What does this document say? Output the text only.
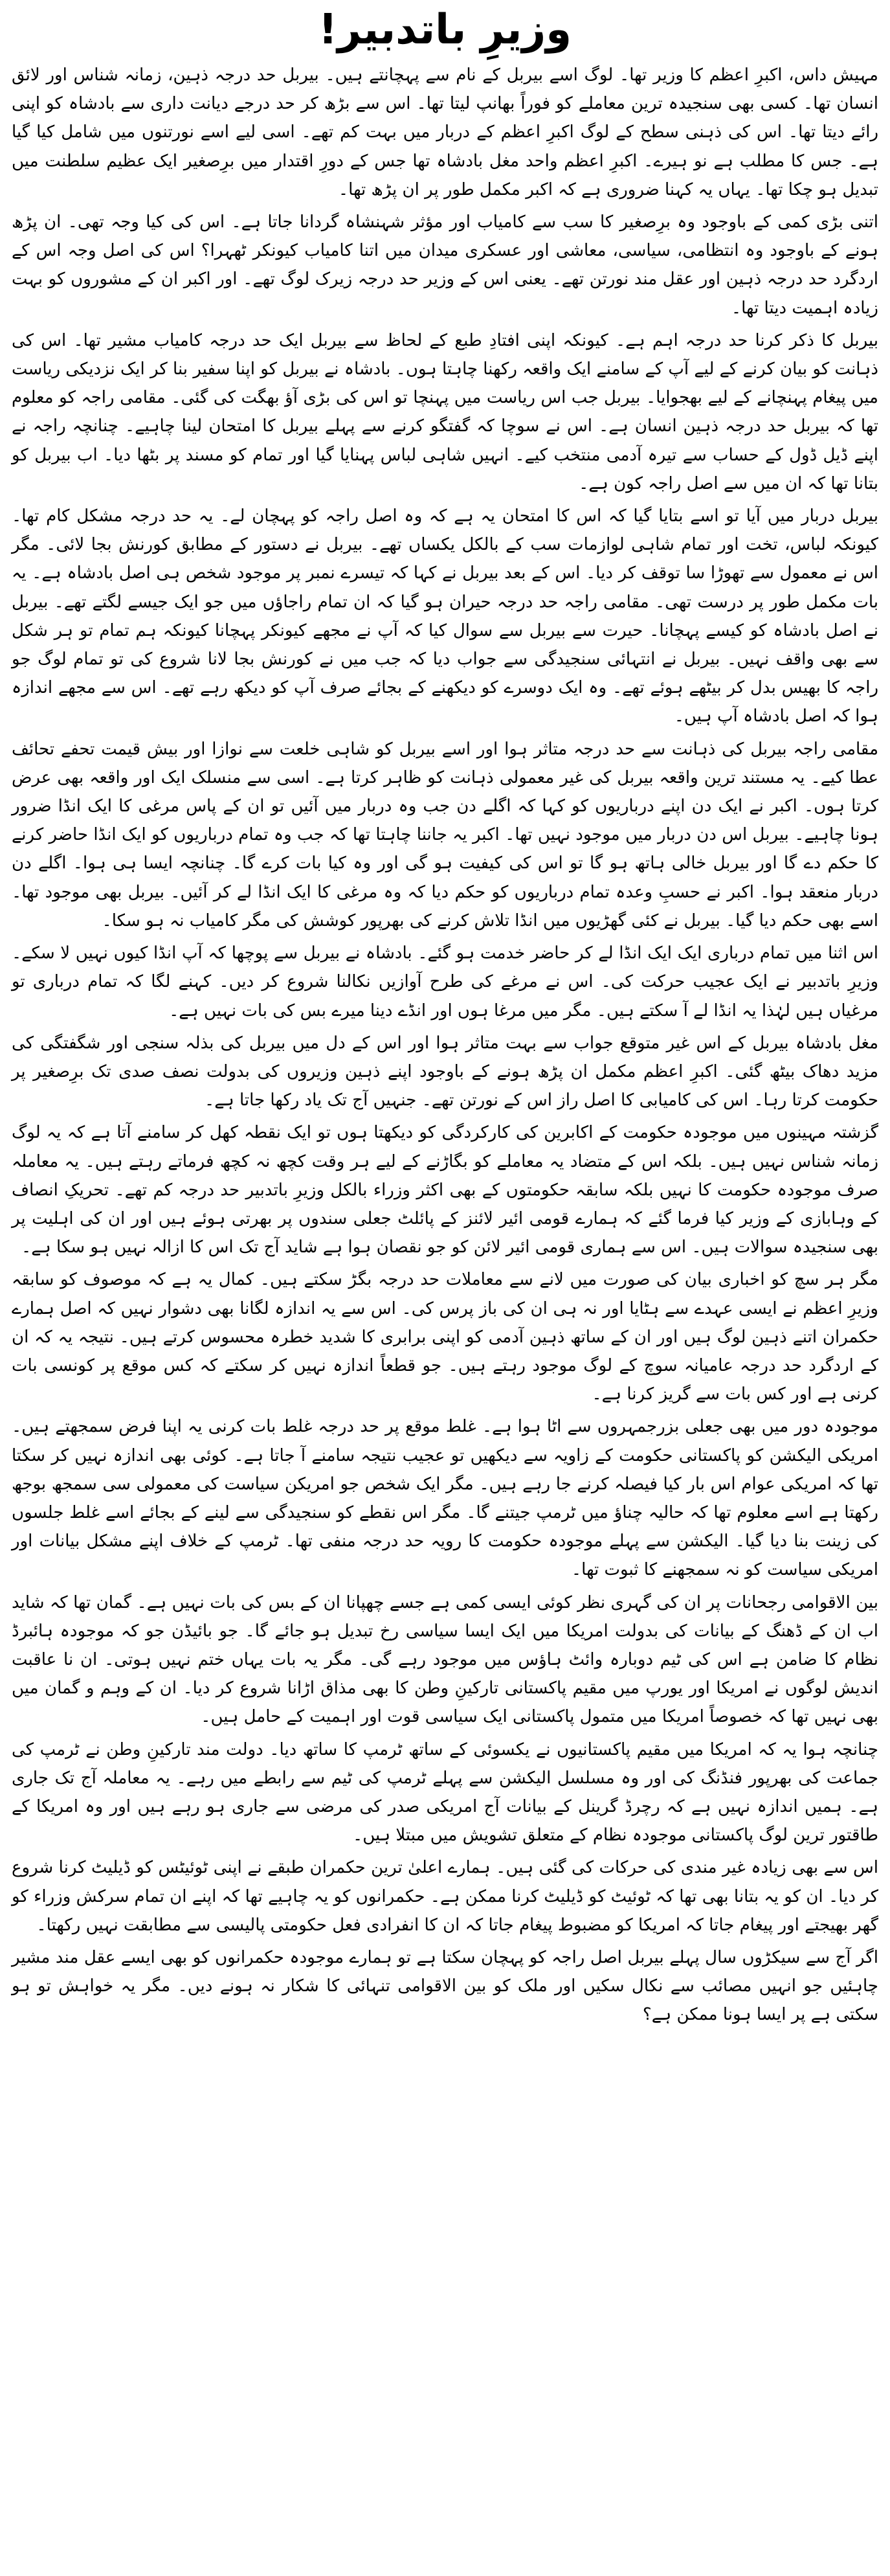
وزیرِ باتدبیر!

مہیش داس، اکبرِ اعظم کا وزیر تھا۔ لوگ اسے بیربل کے نام سے پہچانتے ہیں۔ بیربل حد درجہ ذہین، زمانہ شناس اور لائق انسان تھا۔ کسی بھی سنجیدہ ترین معاملے کو فوراً بھانپ لیتا تھا۔ اس سے بڑھ کر حد درجے دیانت داری سے بادشاہ کو اپنی رائے دیتا تھا۔ اس کی ذہنی سطح کے لوگ اکبرِ اعظم کے دربار میں بہت کم تھے۔ اسی لیے اسے نورتنوں میں شامل کیا گیا ہے۔ جس کا مطلب ہے نو ہیرے۔ اکبرِ اعظم واحد مغل بادشاہ تھا جس کے دورِ اقتدار میں برِصغیر ایک عظیم سلطنت میں تبدیل ہو چکا تھا۔ یہاں یہ کہنا ضروری ہے کہ اکبر مکمل طور پر ان پڑھ تھا۔

اتنی بڑی کمی کے باوجود وہ برِصغیر کا سب سے کامیاب اور مؤثر شہنشاہ گردانا جاتا ہے۔ اس کی کیا وجہ تھی۔ ان پڑھ ہونے کے باوجود وہ انتظامی، سیاسی، معاشی اور عسکری میدان میں اتنا کامیاب کیونکر ٹھہرا؟ اس کی اصل وجہ اس کے اردگرد حد درجہ ذہین اور عقل مند نورتن تھے۔ یعنی اس کے وزیر حد درجہ زیرک لوگ تھے۔ اور اکبر ان کے مشوروں کو بہت زیادہ اہمیت دیتا تھا۔

بیربل کا ذکر کرنا حد درجہ اہم ہے۔ کیونکہ اپنی افتادِ طبع کے لحاظ سے بیربل ایک حد درجہ کامیاب مشیر تھا۔ اس کی ذہانت کو بیان کرنے کے لیے آپ کے سامنے ایک واقعہ رکھنا چاہتا ہوں۔ بادشاہ نے بیربل کو اپنا سفیر بنا کر ایک نزدیکی ریاست میں پیغام پہنچانے کے لیے بھجوایا۔ بیربل جب اس ریاست میں پہنچا تو اس کی بڑی آؤ بھگت کی گئی۔ مقامی راجہ کو معلوم تھا کہ بیربل حد درجہ ذہین انسان ہے۔ اس نے سوچا کہ گفتگو کرنے سے پہلے بیربل کا امتحان لینا چاہیے۔ چنانچہ راجہ نے اپنے ڈیل ڈول کے حساب سے تیرہ آدمی منتخب کیے۔ انہیں شاہی لباس پہنایا گیا اور تمام کو مسند پر بٹھا دیا۔ اب بیربل کو بتانا تھا کہ ان میں سے اصل راجہ کون ہے۔

بیربل دربار میں آیا تو اسے بتایا گیا کہ اس کا امتحان یہ ہے کہ وہ اصل راجہ کو پہچان لے۔ یہ حد درجہ مشکل کام تھا۔ کیونکہ لباس، تخت اور تمام شاہی لوازمات سب کے بالکل یکساں تھے۔ بیربل نے دستور کے مطابق کورنش بجا لائی۔ مگر اس نے معمول سے تھوڑا سا توقف کر دیا۔ اس کے بعد بیربل نے کہا کہ تیسرے نمبر پر موجود شخص ہی اصل بادشاہ ہے۔ یہ بات مکمل طور پر درست تھی۔ مقامی راجہ حد درجہ حیران ہو گیا کہ ان تمام راجاؤں میں جو ایک جیسے لگتے تھے۔ بیربل نے اصل بادشاہ کو کیسے پہچانا۔ حیرت سے بیربل سے سوال کیا کہ آپ نے مجھے کیونکر پہچانا کیونکہ ہم تمام تو ہر شکل سے بھی واقف نہیں۔ بیربل نے انتہائی سنجیدگی سے جواب دیا کہ جب میں نے کورنش بجا لانا شروع کی تو تمام لوگ جو راجہ کا بھیس بدل کر بیٹھے ہوئے تھے۔ وہ ایک دوسرے کو دیکھنے کے بجائے صرف آپ کو دیکھ رہے تھے۔ اس سے مجھے اندازہ ہوا کہ اصل بادشاہ آپ ہیں۔

مقامی راجہ بیربل کی ذہانت سے حد درجہ متاثر ہوا اور اسے بیربل کو شاہی خلعت سے نوازا اور بیش قیمت تحفے تحائف عطا کیے۔ یہ مستند ترین واقعہ بیربل کی غیر معمولی ذہانت کو ظاہر کرتا ہے۔ اسی سے منسلک ایک اور واقعہ بھی عرض کرتا ہوں۔ اکبر نے ایک دن اپنے درباریوں کو کہا کہ اگلے دن جب وہ دربار میں آئیں تو ان کے پاس مرغی کا ایک انڈا ضرور ہونا چاہیے۔ بیربل اس دن دربار میں موجود نہیں تھا۔ اکبر یہ جاننا چاہتا تھا کہ جب وہ تمام درباریوں کو ایک انڈا حاضر کرنے کا حکم دے گا اور بیربل خالی ہاتھ ہو گا تو اس کی کیفیت ہو گی اور وہ کیا بات کرے گا۔ چنانچہ ایسا ہی ہوا۔ اگلے دن دربار منعقد ہوا۔ اکبر نے حسبِ وعدہ تمام درباریوں کو حکم دیا کہ وہ مرغی کا ایک انڈا لے کر آئیں۔ بیربل بھی موجود تھا۔ اسے بھی حکم دیا گیا۔ بیربل نے کئی گھڑیوں میں انڈا تلاش کرنے کی بھرپور کوشش کی مگر کامیاب نہ ہو سکا۔

اس اثنا میں تمام درباری ایک ایک انڈا لے کر حاضر خدمت ہو گئے۔ بادشاہ نے بیربل سے پوچھا کہ آپ انڈا کیوں نہیں لا سکے۔ وزیرِ باتدبیر نے ایک عجیب حرکت کی۔ اس نے مرغے کی طرح آوازیں نکالنا شروع کر دیں۔ کہنے لگا کہ تمام درباری تو مرغیاں ہیں لہٰذا یہ انڈا لے آ سکتے ہیں۔ مگر میں مرغا ہوں اور انڈے دینا میرے بس کی بات نہیں ہے۔

مغل بادشاہ بیربل کے اس غیر متوقع جواب سے بہت متاثر ہوا اور اس کے دل میں بیربل کی بذلہ سنجی اور شگفتگی کی مزید دھاک بیٹھ گئی۔ اکبرِ اعظم مکمل ان پڑھ ہونے کے باوجود اپنے ذہین وزیروں کی بدولت نصف صدی تک برِصغیر پر حکومت کرتا رہا۔ اس کی کامیابی کا اصل راز اس کے نورتن تھے۔ جنہیں آج تک یاد رکھا جاتا ہے۔

گزشتہ مہینوں میں موجودہ حکومت کے اکابرین کی کارکردگی کو دیکھتا ہوں تو ایک نقطہ کھل کر سامنے آتا ہے کہ یہ لوگ زمانہ شناس نہیں ہیں۔ بلکہ اس کے متضاد یہ معاملے کو بگاڑنے کے لیے ہر وقت کچھ نہ کچھ فرماتے رہتے ہیں۔ یہ معاملہ صرف موجودہ حکومت کا نہیں بلکہ سابقہ حکومتوں کے بھی اکثر وزراء بالکل وزیرِ باتدبیر حد درجہ کم تھے۔ تحریکِ انصاف کے وہابازی کے وزیر کیا فرما گئے کہ ہمارے قومی ائیر لائنز کے پائلٹ جعلی سندوں پر بھرتی ہوئے ہیں اور ان کی اہلیت پر بھی سنجیدہ سوالات ہیں۔ اس سے ہماری قومی ائیر لائن کو جو نقصان ہوا ہے شاید آج تک اس کا ازالہ نہیں ہو سکا ہے۔

مگر ہر سچ کو اخباری بیان کی صورت میں لانے سے معاملات حد درجہ بگڑ سکتے ہیں۔ کمال یہ ہے کہ موصوف کو سابقہ وزیرِ اعظم نے ایسی عہدے سے ہٹایا اور نہ ہی ان کی باز پرس کی۔ اس سے یہ اندازہ لگانا بھی دشوار نہیں کہ اصل ہمارے حکمران اتنے ذہین لوگ ہیں اور ان کے ساتھ ذہین آدمی کو اپنی برابری کا شدید خطرہ محسوس کرتے ہیں۔ نتیجہ یہ کہ ان کے اردگرد حد درجہ عامیانہ سوچ کے لوگ موجود رہتے ہیں۔ جو قطعاً اندازہ نہیں کر سکتے کہ کس موقع پر کونسی بات کرنی ہے اور کس بات سے گریز کرنا ہے۔

موجودہ دور میں بھی جعلی بزرجمہروں سے اٹا ہوا ہے۔ غلط موقع پر حد درجہ غلط بات کرنی یہ اپنا فرض سمجھتے ہیں۔ امریکی الیکشن کو پاکستانی حکومت کے زاویہ سے دیکھیں تو عجیب نتیجہ سامنے آ جاتا ہے۔ کوئی بھی اندازہ نہیں کر سکتا تھا کہ امریکی عوام اس بار کیا فیصلہ کرنے جا رہے ہیں۔ مگر ایک شخص جو امریکن سیاست کی معمولی سی سمجھ بوجھ رکھتا ہے اسے معلوم تھا کہ حالیہ چناؤ میں ٹرمپ جیتنے گا۔ مگر اس نقطے کو سنجیدگی سے لینے کے بجائے اسے غلط جلسوں کی زینت بنا دیا گیا۔ الیکشن سے پہلے موجودہ حکومت کا رویہ حد درجہ منفی تھا۔ ٹرمپ کے خلاف اپنے مشکل بیانات اور امریکی سیاست کو نہ سمجھنے کا ثبوت تھا۔

بین الاقوامی رجحانات پر ان کی گہری نظر کوئی ایسی کمی ہے جسے چھپانا ان کے بس کی بات نہیں ہے۔ گمان تھا کہ شاید اب ان کے ڈھنگ کے بیانات کی بدولت امریکا میں ایک ایسا سیاسی رخ تبدیل ہو جائے گا۔ جو بائیڈن جو کہ موجودہ ہائبرڈ نظام کا ضامن ہے اس کی ٹیم دوبارہ وائٹ ہاؤس میں موجود رہے گی۔ مگر یہ بات یہاں ختم نہیں ہوتی۔ ان نا عاقبت اندیش لوگوں نے امریکا اور یورپ میں مقیم پاکستانی تارکینِ وطن کا بھی مذاق اڑانا شروع کر دیا۔ ان کے وہم و گمان میں بھی نہیں تھا کہ خصوصاً امریکا میں متمول پاکستانی ایک سیاسی قوت اور اہمیت کے حامل ہیں۔

چنانچہ ہوا یہ کہ امریکا میں مقیم پاکستانیوں نے یکسوئی کے ساتھ ٹرمپ کا ساتھ دیا۔ دولت مند تارکینِ وطن نے ٹرمپ کی جماعت کی بھرپور فنڈنگ کی اور وہ مسلسل الیکشن سے پہلے ٹرمپ کی ٹیم سے رابطے میں رہے۔ یہ معاملہ آج تک جاری ہے۔ ہمیں اندازہ نہیں ہے کہ رچرڈ گرینل کے بیانات آج امریکی صدر کی مرضی سے جاری ہو رہے ہیں اور وہ امریکا کے طاقتور ترین لوگ پاکستانی موجودہ نظام کے متعلق تشویش میں مبتلا ہیں۔

اس سے بھی زیادہ غیر مندی کی حرکات کی گئی ہیں۔ ہمارے اعلیٰ ترین حکمران طبقے نے اپنی ٹوئیٹس کو ڈیلیٹ کرنا شروع کر دیا۔ ان کو یہ بتانا بھی تھا کہ ٹوئیٹ کو ڈیلیٹ کرنا ممکن ہے۔ حکمرانوں کو یہ چاہیے تھا کہ اپنے ان تمام سرکش وزراء کو گھر بھیجتے اور پیغام جاتا کہ امریکا کو مضبوط پیغام جاتا کہ ان کا انفرادی فعل حکومتی پالیسی سے مطابقت نہیں رکھتا۔

اگر آج سے سیکڑوں سال پہلے بیربل اصل راجہ کو پہچان سکتا ہے تو ہمارے موجودہ حکمرانوں کو بھی ایسے عقل مند مشیر چاہئیں جو انہیں مصائب سے نکال سکیں اور ملک کو بین الاقوامی تنہائی کا شکار نہ ہونے دیں۔ مگر یہ خواہش تو ہو سکتی ہے پر ایسا ہونا ممکن ہے؟
